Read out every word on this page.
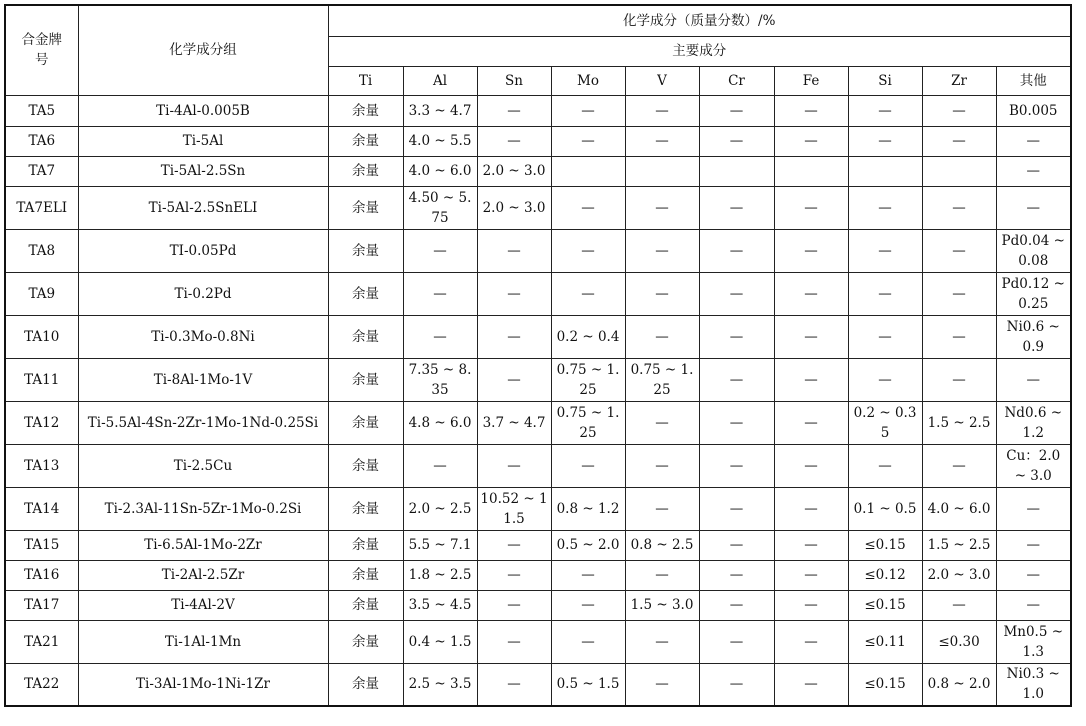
合金牌号	化学成分组	化学成分（质量分数）/%									
		主要成分									
		Ti	Al	Sn	Mo	V	Cr	Fe	Si	Zr	其他
TA5	Ti-4Al-0.005B	余量	3.3 ~ 4.7	—	—	—	—	—	—	—	B0.005
TA6	Ti-5Al	余量	4.0 ~ 5.5	—	—	—	—	—	—	—	—
TA7	Ti-5Al-2.5Sn	余量	4.0 ~ 6.0	2.0 ~ 3.0							—
TA7ELI	Ti-5Al-2.5SnELI	余量	4.50 ~ 5.75	2.0 ~ 3.0	—	—	—	—	—	—	—
TA8	TI-0.05Pd	余量	—	—	—	—	—	—	—	—	Pd0.04 ~ 0.08
TA9	Ti-0.2Pd	余量	—	—	—	—	—	—	—	—	Pd0.12 ~ 0.25
TA10	Ti-0.3Mo-0.8Ni	余量	—	—	0.2 ~ 0.4	—	—	—	—	—	Ni0.6 ~ 0.9
TA11	Ti-8Al-1Mo-1V	余量	7.35 ~ 8.35	—	0.75 ~ 1.25	0.75 ~ 1.25	—	—	—	—	—
TA12	Ti-5.5Al-4Sn-2Zr-1Mo-1Nd-0.25Si	余量	4.8 ~ 6.0	3.7 ~ 4.7	0.75 ~ 1.25	—	—	—	0.2 ~ 0.35	1.5 ~ 2.5	Nd0.6 ~ 1.2
TA13	Ti-2.5Cu	余量	—	—	—	—	—	—	—	—	Cu：2.0 ~ 3.0
TA14	Ti-2.3Al-11Sn-5Zr-1Mo-0.2Si	余量	2.0 ~ 2.5	10.52 ~ 11.5	0.8 ~ 1.2	—	—	—	0.1 ~ 0.5	4.0 ~ 6.0	—
TA15	Ti-6.5Al-1Mo-2Zr	余量	5.5 ~ 7.1	—	0.5 ~ 2.0	0.8 ~ 2.5	—	—	≤0.15	1.5 ~ 2.5	—
TA16	Ti-2Al-2.5Zr	余量	1.8 ~ 2.5	—	—	—	—	—	≤0.12	2.0 ~ 3.0	—
TA17	Ti-4Al-2V	余量	3.5 ~ 4.5	—	—	1.5 ~ 3.0	—	—	≤0.15	—	—
TA21	Ti-1Al-1Mn	余量	0.4 ~ 1.5	—	—	—	—	—	≤0.11	≤0.30	Mn0.5 ~ 1.3
TA22	Ti-3Al-1Mo-1Ni-1Zr	余量	2.5 ~ 3.5	—	0.5 ~ 1.5	—	—	—	≤0.15	0.8 ~ 2.0	Ni0.3 ~ 1.0
